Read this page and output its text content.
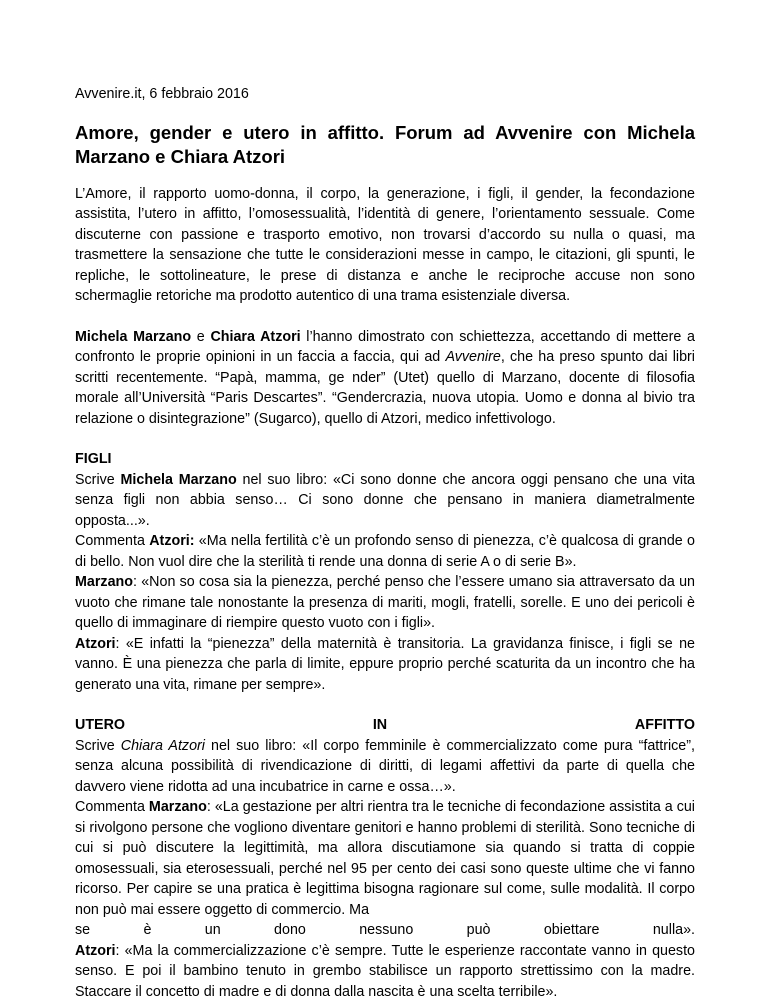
Avvenire.it, 6 febbraio 2016
Amore, gender e utero in affitto. Forum ad Avvenire con Michela Marzano e Chiara Atzori

L’Amore, il rapporto uomo-donna, il corpo, la generazione, i figli, il gender, la fecondazione assistita, l’utero in affitto, l’omosessualità, l’identità di genere, l’orientamento sessuale. Come discuterne con passione e trasporto emotivo, non trovarsi d’accordo su nulla o quasi, ma trasmettere la sensazione che tutte le considerazioni messe in campo, le citazioni, gli spunti, le repliche, le sottolineature, le prese di distanza e anche le reciproche accuse non sono schermaglie retoriche ma prodotto autentico di una trama esistenziale diversa.

Michela Marzano e Chiara Atzori l’hanno dimostrato con schiettezza, accettando di mettere a confronto le proprie opinioni in un faccia a faccia, qui ad Avvenire, che ha preso spunto dai libri scritti recentemente. “Papà, mamma, ge nder” (Utet) quello di Marzano, docente di filosofia morale all’Università “Paris Descartes”. “Gendercrazia, nuova utopia. Uomo e donna al bivio tra relazione o disintegrazione” (Sugarco), quello di Atzori, medico infettivologo.

FIGLI

Scrive Michela Marzano nel suo libro: «Ci sono donne che ancora oggi pensano che una vita senza figli non abbia senso… Ci sono donne che pensano in maniera diametralmente opposta...».

Commenta Atzori: «Ma nella fertilità c’è un profondo senso di pienezza, c’è qualcosa di grande o di bello. Non vuol dire che la sterilità ti rende una donna di serie A o di serie B».

Marzano: «Non so cosa sia la pienezza, perché penso che l’essere umano sia attraversato da un vuoto che rimane tale nonostante la presenza di mariti, mogli, fratelli, sorelle. E uno dei pericoli è quello di immaginare di riempire questo vuoto con i figli».

Atzori: «E infatti la “pienezza” della maternità è transitoria. La gravidanza finisce, i figli se ne vanno. È una pienezza che parla di limite, eppure proprio perché scaturita da un incontro che ha generato una vita, rimane per sempre».

UTERO	IN	AFFITTO

Scrive Chiara Atzori nel suo libro: «Il corpo femminile è commercializzato come pura “fattrice”, senza alcuna possibilità di rivendicazione di diritti, di legami affettivi da parte di quella che davvero viene ridotta ad una incubatrice in carne e ossa…».

Commenta Marzano: «La gestazione per altri rientra tra le tecniche di fecondazione assistita a cui si rivolgono persone che vogliono diventare genitori e hanno problemi di sterilità. Sono tecniche di cui si può discutere la legittimità, ma allora discutiamone sia quando si tratta di coppie omosessuali, sia eterosessuali, perché nel 95 per cento dei casi sono queste ultime che vi fanno ricorso. Per capire se una pratica è legittima bisogna ragionare sul come, sulle modalità. Il corpo non può mai essere oggetto di commercio. Ma

se	è	un	dono	nessuno	può	obiettare	nulla».

Atzori: «Ma la commercializzazione c’è sempre. Tutte le esperienze raccontate vanno in questo senso. E poi il bambino tenuto in grembo stabilisce un rapporto strettissimo con la madre. Staccare il concetto di madre e di donna dalla nascita è una scelta terribile».
